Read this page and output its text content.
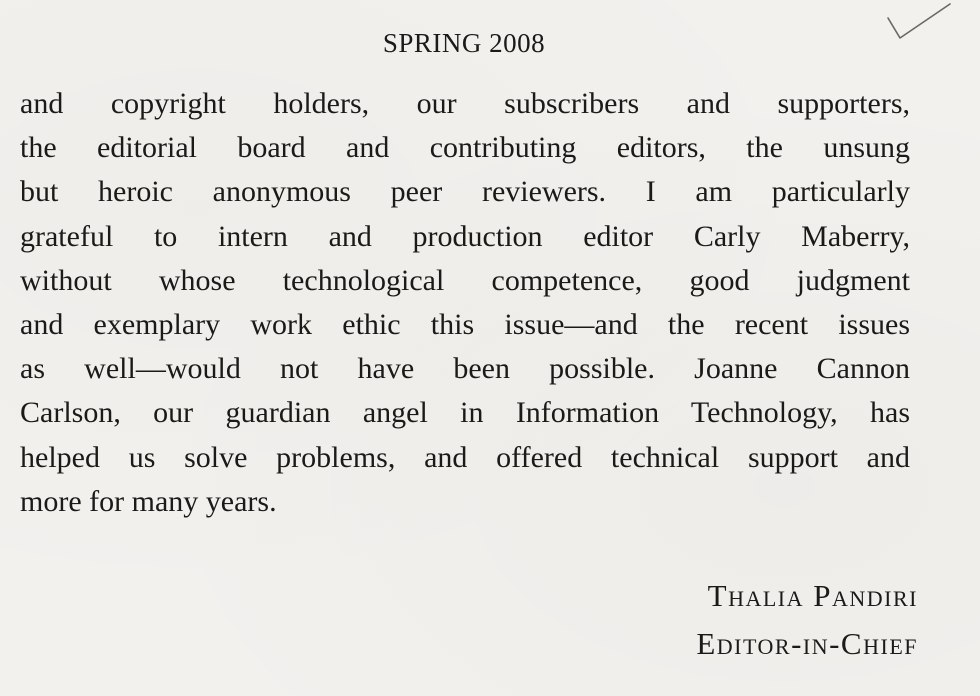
SPRING 2008
and copyright holders, our subscribers and supporters,
the editorial board and contributing editors, the unsung
but heroic anonymous peer reviewers. I am particularly
grateful to intern and production editor Carly Maberry,
without whose technological competence, good judgment
and exemplary work ethic this issue—and the recent issues
as well—would not have been possible. Joanne Cannon
Carlson, our guardian angel in Information Technology, has
helped us solve problems, and offered technical support and
more for many years.
Thalia Pandiri
Editor-in-Chief
